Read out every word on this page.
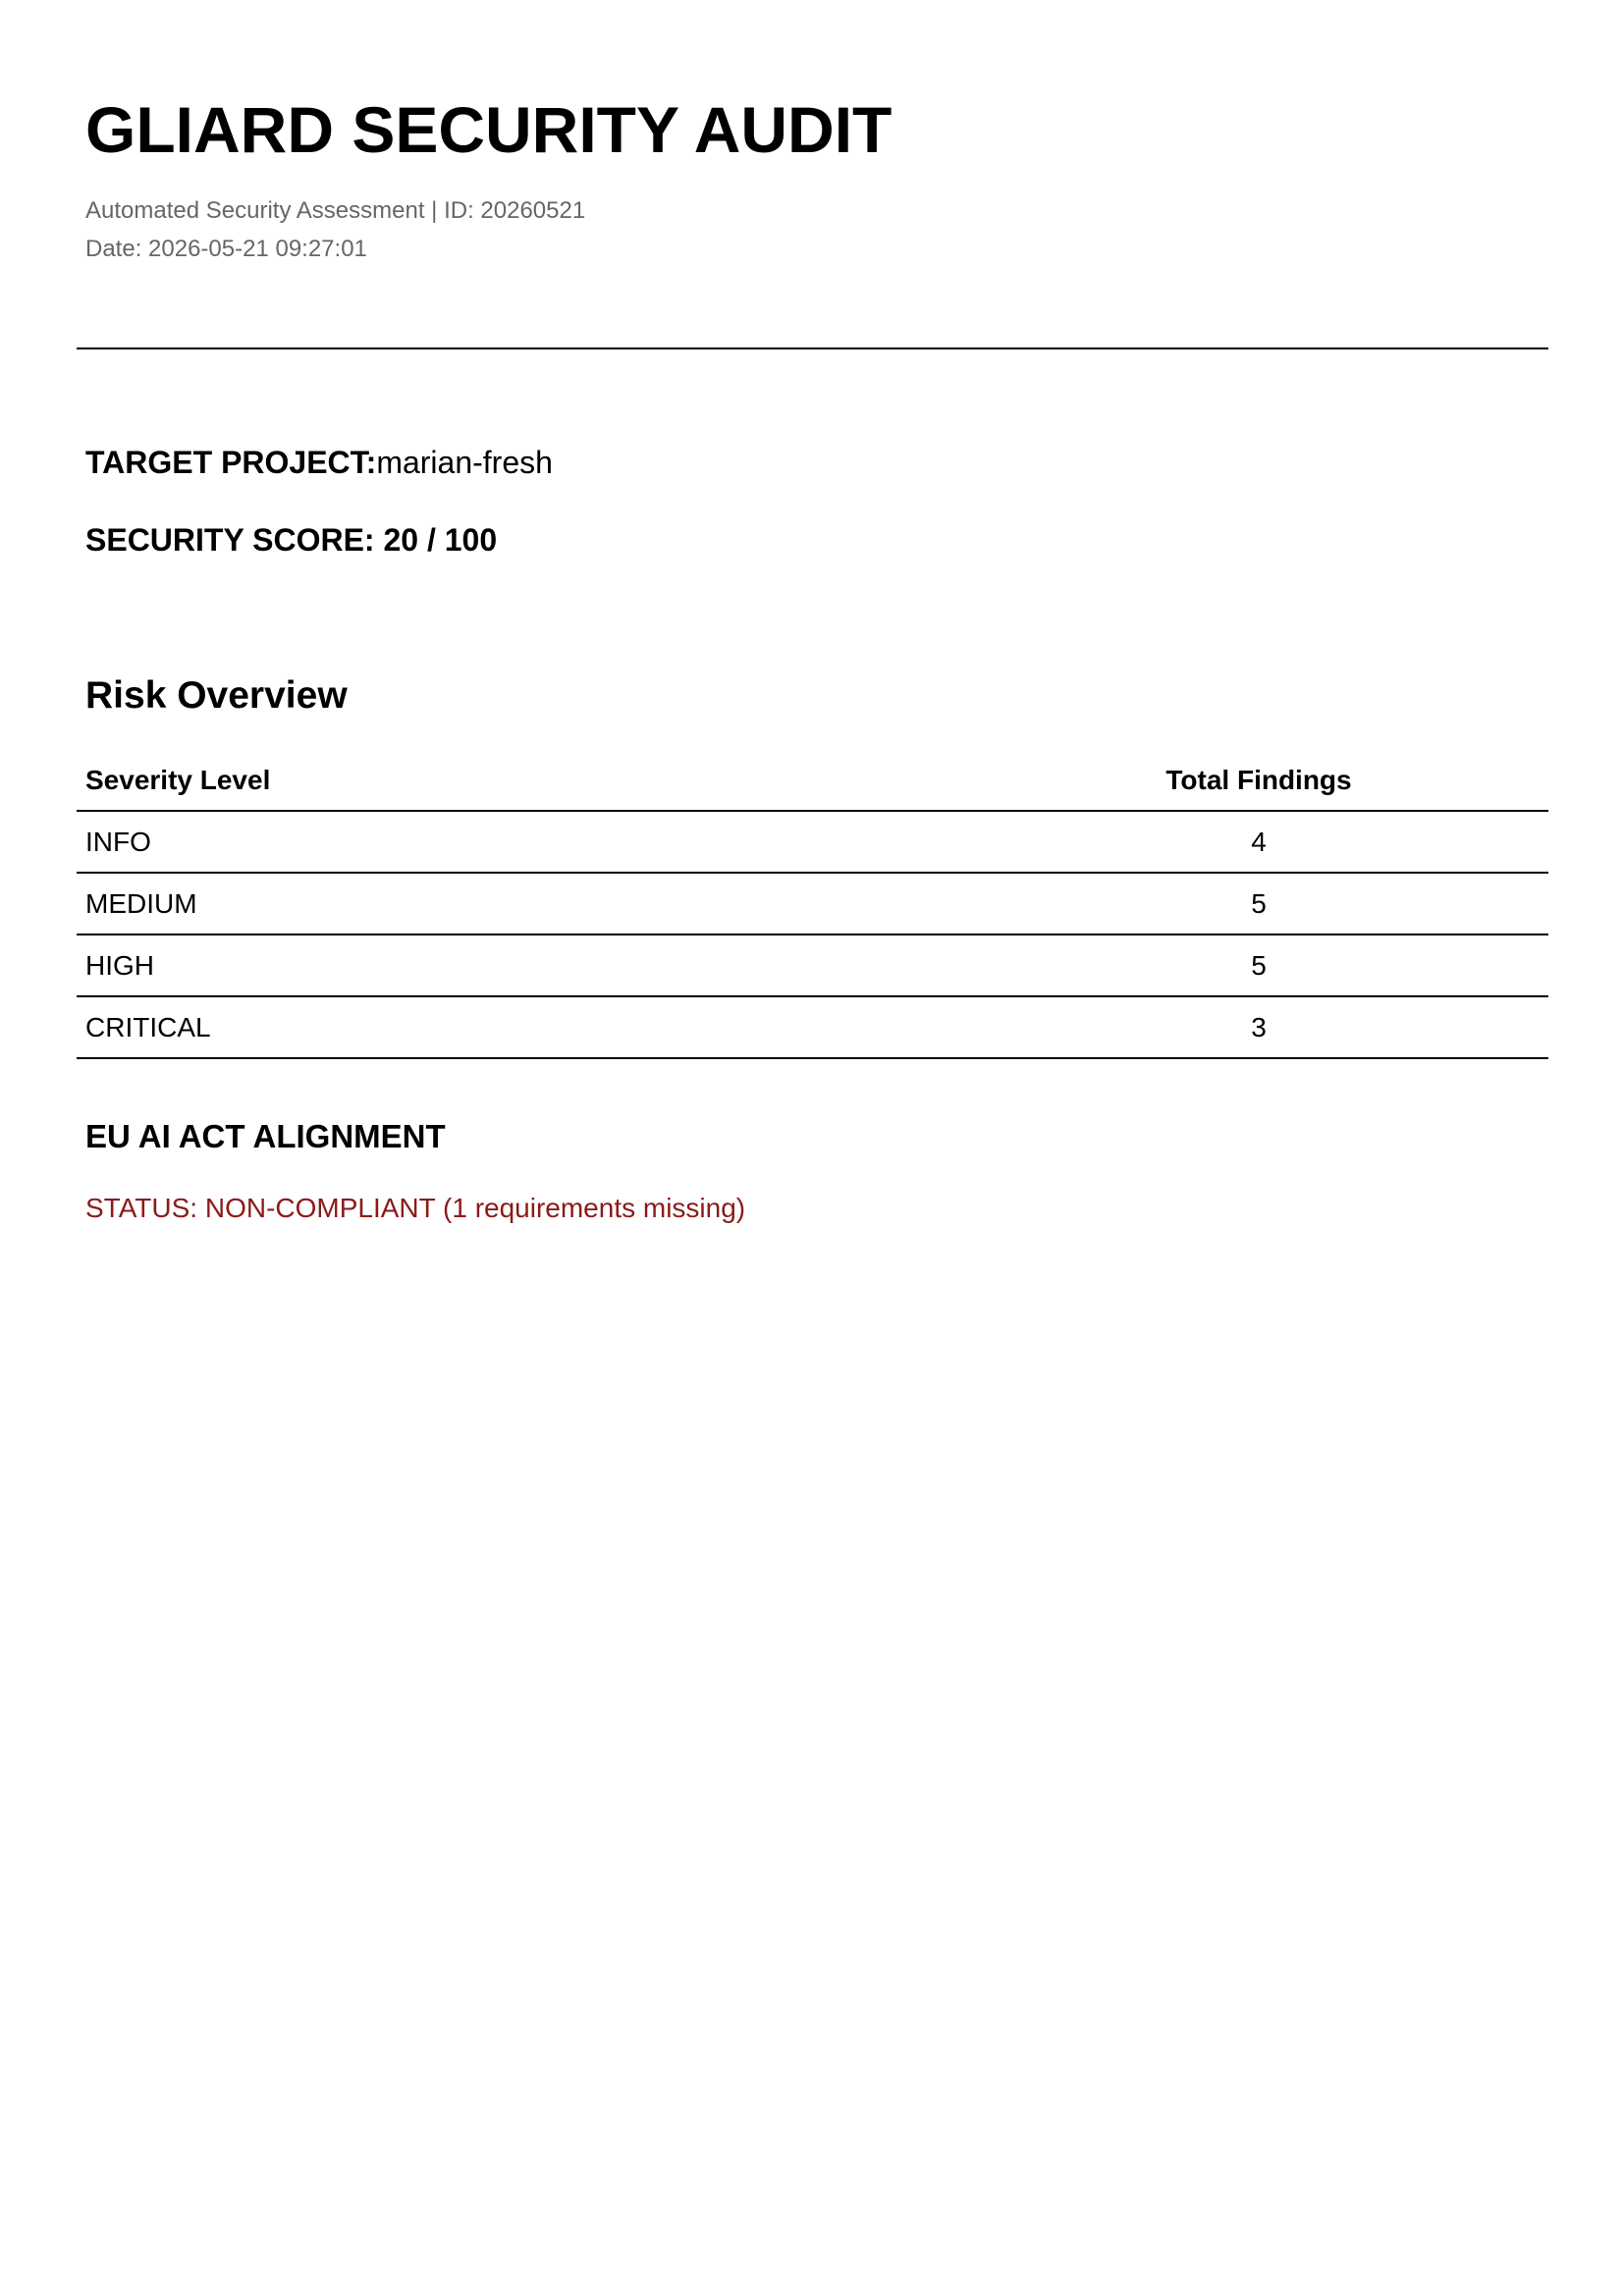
GLIARD SECURITY AUDIT
Automated Security Assessment | ID: 20260521
Date: 2026-05-21 09:27:01
TARGET PROJECT:marian-fresh
SECURITY SCORE: 20 / 100
Risk Overview
Severity Level	Total Findings
INFO	4
MEDIUM	5
HIGH	5
CRITICAL	3
EU AI ACT ALIGNMENT
STATUS: NON-COMPLIANT (1 requirements missing)
